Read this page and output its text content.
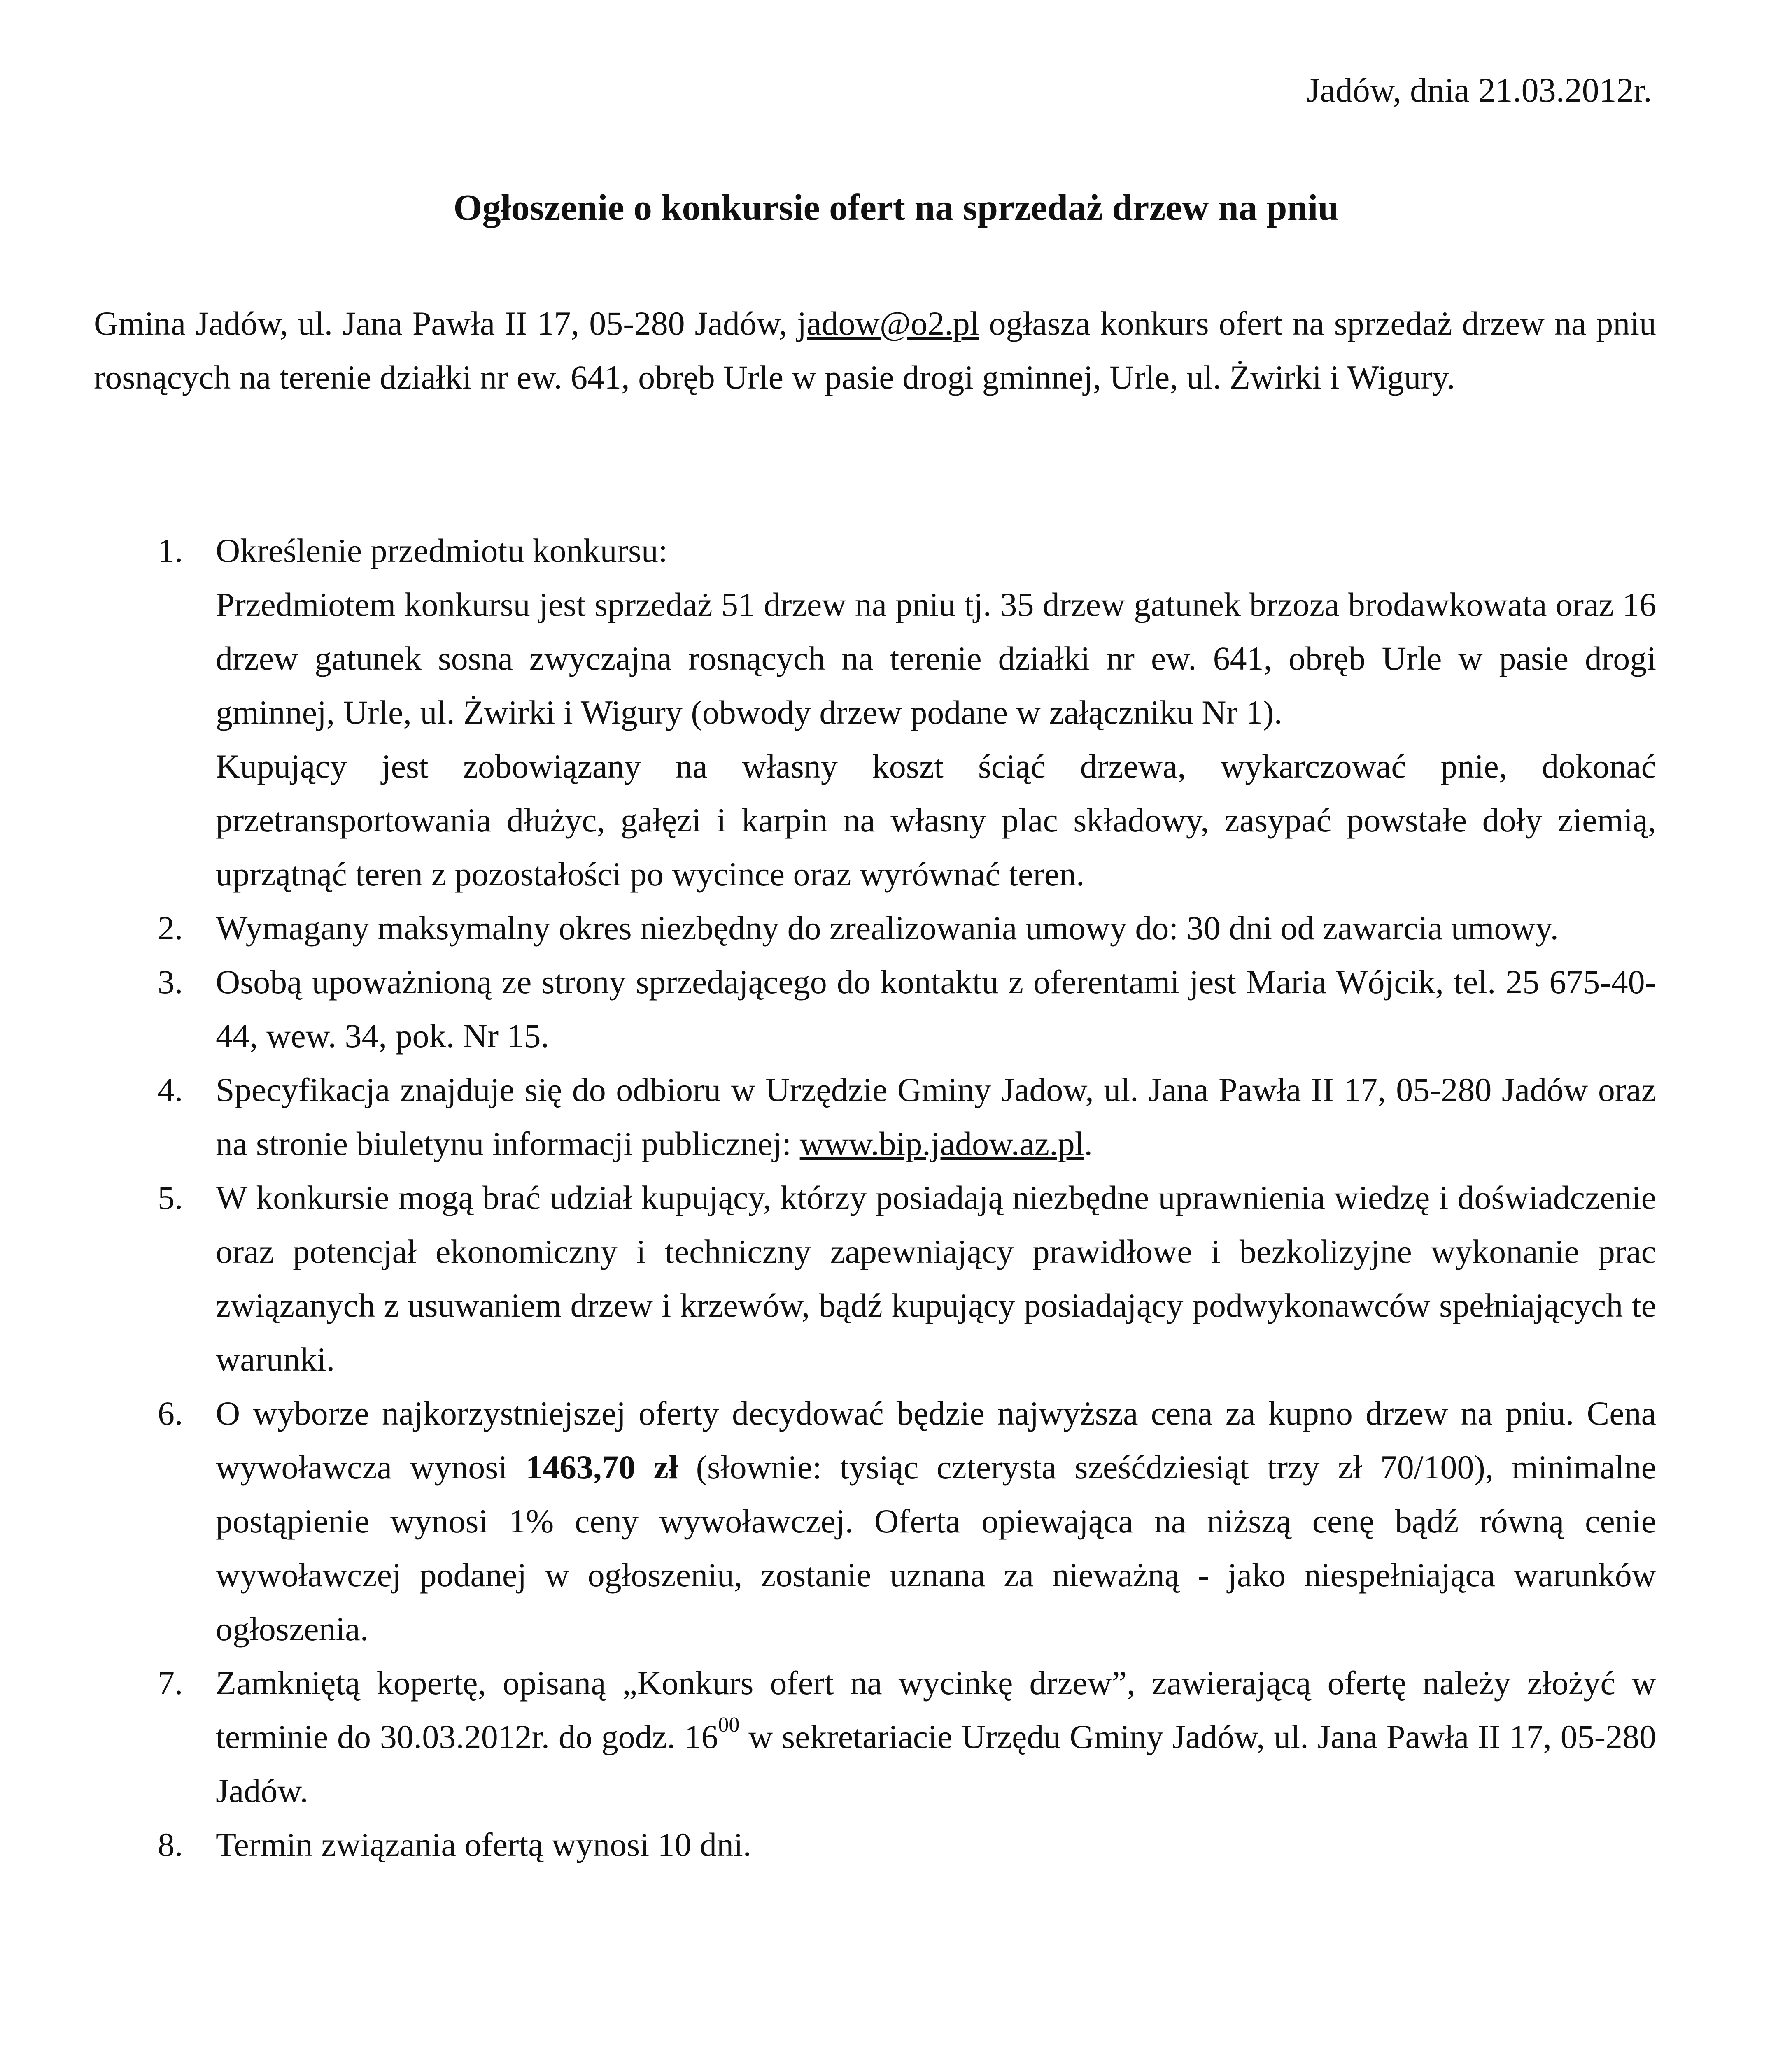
Jadów, dnia 21.03.2012r.
Ogłoszenie o konkursie ofert na sprzedaż drzew na pniu
Gmina Jadów, ul. Jana Pawła II 17, 05-280 Jadów, jadow@o2.pl ogłasza konkurs ofert na sprzedaż drzew na pniu rosnących na terenie działki nr ew. 641, obręb Urle w pasie drogi gminnej, Urle, ul. Żwirki i Wigury.
1. Określenie przedmiotu konkursu:

Przedmiotem konkursu jest sprzedaż 51 drzew na pniu tj. 35 drzew gatunek brzoza brodawkowata oraz 16 drzew gatunek sosna zwyczajna rosnących na terenie działki nr ew. 641, obręb Urle w pasie drogi gminnej, Urle, ul. Żwirki i Wigury (obwody drzew podane w załączniku Nr 1).

Kupujący jest zobowiązany na własny koszt ściąć drzewa, wykarczować pnie, dokonać przetransportowania dłużyc, gałęzi i karpin na własny plac składowy, zasypać powstałe doły ziemią, uprzątnąć teren z pozostałości po wycince oraz wyrównać teren.

2. Wymagany maksymalny okres niezbędny do zrealizowania umowy do: 30 dni od zawarcia umowy.

3. Osobą upoważnioną ze strony sprzedającego do kontaktu z oferentami jest Maria Wójcik, tel. 25 675-40-44, wew. 34, pok. Nr 15.

4. Specyfikacja znajduje się do odbioru w Urzędzie Gminy Jadow, ul. Jana Pawła II 17, 05-280 Jadów oraz na stronie biuletynu informacji publicznej: www.bip.jadow.az.pl.

5. W konkursie mogą brać udział kupujący, którzy posiadają niezbędne uprawnienia wiedzę i doświadczenie oraz potencjał ekonomiczny i techniczny zapewniający prawidłowe i bezkolizyjne wykonanie prac związanych z usuwaniem drzew i krzewów, bądź kupujący posiadający podwykonawców spełniających te warunki.

6. O wyborze najkorzystniejszej oferty decydować będzie najwyższa cena za kupno drzew na pniu. Cena wywoławcza wynosi 1463,70 zł (słownie: tysiąc czterysta sześćdziesiąt trzy zł 70/100), minimalne postąpienie wynosi 1% ceny wywoławczej. Oferta opiewająca na niższą cenę bądź równą cenie wywoławczej podanej w ogłoszeniu, zostanie uznana za nieważną - jako niespełniająca warunków ogłoszenia.

7. Zamkniętą kopertę, opisaną „Konkurs ofert na wycinkę drzew”, zawierającą ofertę należy złożyć w terminie do 30.03.2012r. do godz. $16^{00}$ w sekretariacie Urzędu Gminy Jadów, ul. Jana Pawła II 17, 05-280 Jadów.

8. Termin związania ofertą wynosi 10 dni.
